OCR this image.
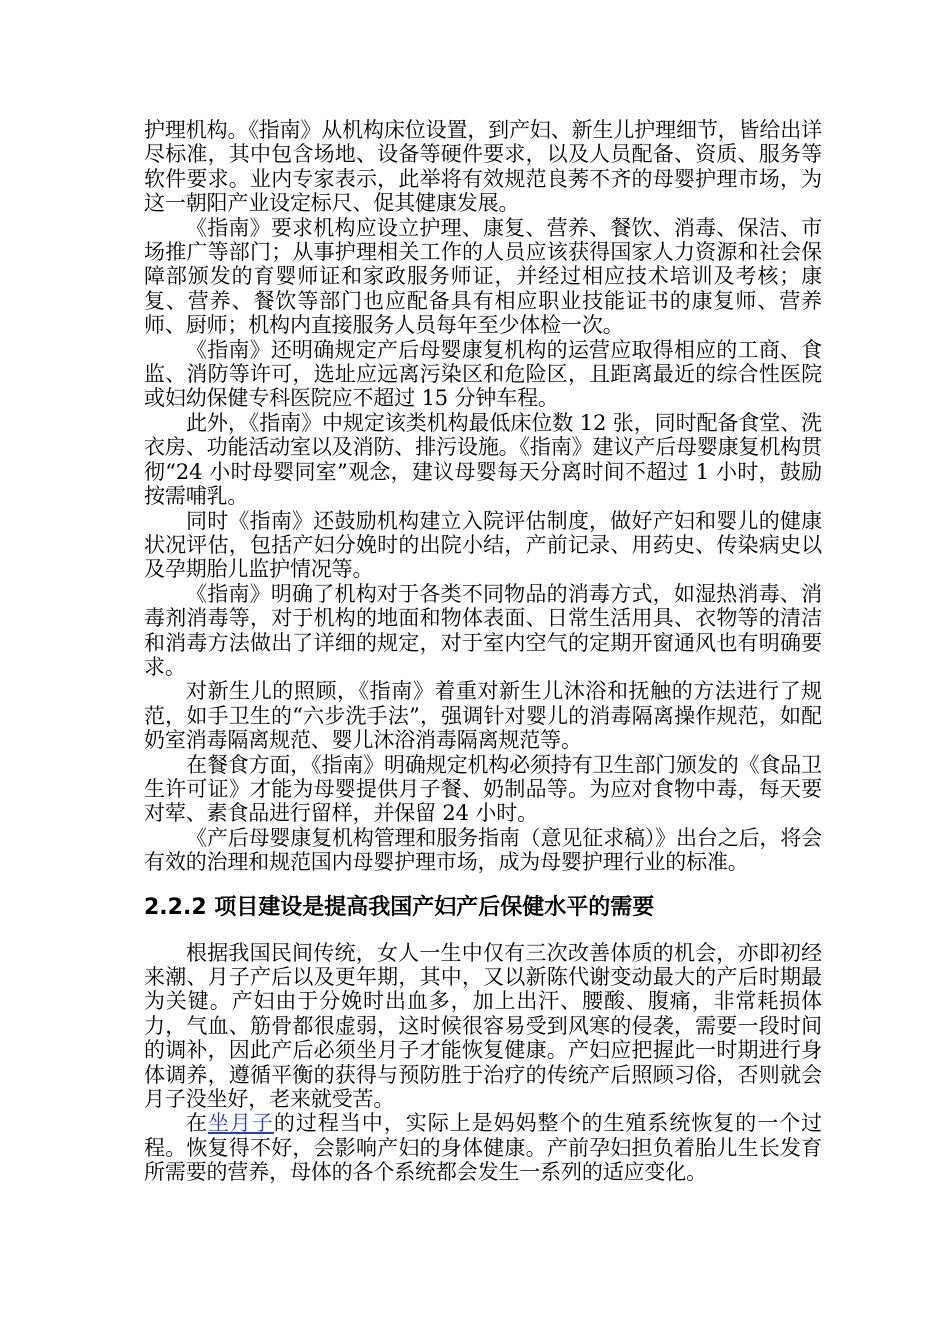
护理机构。《指南》从机构床位设置，到产妇、新生儿护理细节，皆给出详尽标准，其中包含场地、设备等硬件要求，以及人员配备、资质、服务等软件要求。业内专家表示，此举将有效规范良莠不齐的母婴护理市场，为这一朝阳产业设定标尺、促其健康发展。

《指南》要求机构应设立护理、康复、营养、餐饮、消毒、保洁、市场推广等部门；从事护理相关工作的人员应该获得国家人力资源和社会保障部颁发的育婴师证和家政服务师证，并经过相应技术培训及考核；康复、营养、餐饮等部门也应配备具有相应职业技能证书的康复师、营养师、厨师；机构内直接服务人员每年至少体检一次。

《指南》还明确规定产后母婴康复机构的运营应取得相应的工商、食监、消防等许可，选址应远离污染区和危险区，且距离最近的综合性医院或妇幼保健专科医院应不超过 15 分钟车程。

此外，《指南》中规定该类机构最低床位数 12 张，同时配备食堂、洗衣房、功能活动室以及消防、排污设施。《指南》建议产后母婴康复机构贯彻“24 小时母婴同室”观念，建议母婴每天分离时间不超过 1 小时，鼓励按需哺乳。

同时《指南》还鼓励机构建立入院评估制度，做好产妇和婴儿的健康状况评估，包括产妇分娩时的出院小结，产前记录、用药史、传染病史以及孕期胎儿监护情况等。

《指南》明确了机构对于各类不同物品的消毒方式，如湿热消毒、消毒剂消毒等，对于机构的地面和物体表面、日常生活用具、衣物等的清洁和消毒方法做出了详细的规定，对于室内空气的定期开窗通风也有明确要求。

对新生儿的照顾，《指南》着重对新生儿沐浴和抚触的方法进行了规范，如手卫生的“六步洗手法”，强调针对婴儿的消毒隔离操作规范，如配奶室消毒隔离规范、婴儿沐浴消毒隔离规范等。

在餐食方面，《指南》明确规定机构必须持有卫生部门颁发的《食品卫生许可证》才能为母婴提供月子餐、奶制品等。为应对食物中毒，每天要对荤、素食品进行留样，并保留 24 小时。

《产后母婴康复机构管理和服务指南（意见征求稿）》出台之后，将会有效的治理和规范国内母婴护理市场，成为母婴护理行业的标准。

2.2.2 项目建设是提高我国产妇产后保健水平的需要

根据我国民间传统，女人一生中仅有三次改善体质的机会，亦即初经来潮、月子产后以及更年期，其中，又以新陈代谢变动最大的产后时期最为关键。产妇由于分娩时出血多，加上出汗、腰酸、腹痛，非常耗损体力，气血、筋骨都很虚弱，这时候很容易受到风寒的侵袭，需要一段时间的调补，因此产后必须坐月子才能恢复健康。产妇应把握此一时期进行身体调养，遵循平衡的获得与预防胜于治疗的传统产后照顾习俗，否则就会月子没坐好，老来就受苦。

在坐月子的过程当中，实际上是妈妈整个的生殖系统恢复的一个过程。恢复得不好，会影响产妇的身体健康。产前孕妇担负着胎儿生长发育所需要的营养，母体的各个系统都会发生一系列的适应变化。
